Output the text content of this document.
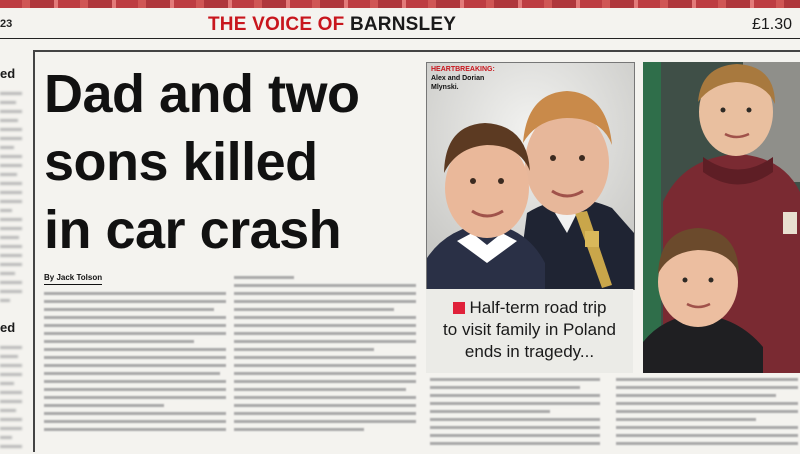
23	THE VOICE OF BARNSLEY	£1.30
ed
ed
Dad and two
sons killed
in car crash
By Jack Tolson
HEARTBREAKING:
Alex and Dorian
Mlynski.

Half-term road trip
to visit family in Poland
ends in tragedy...
